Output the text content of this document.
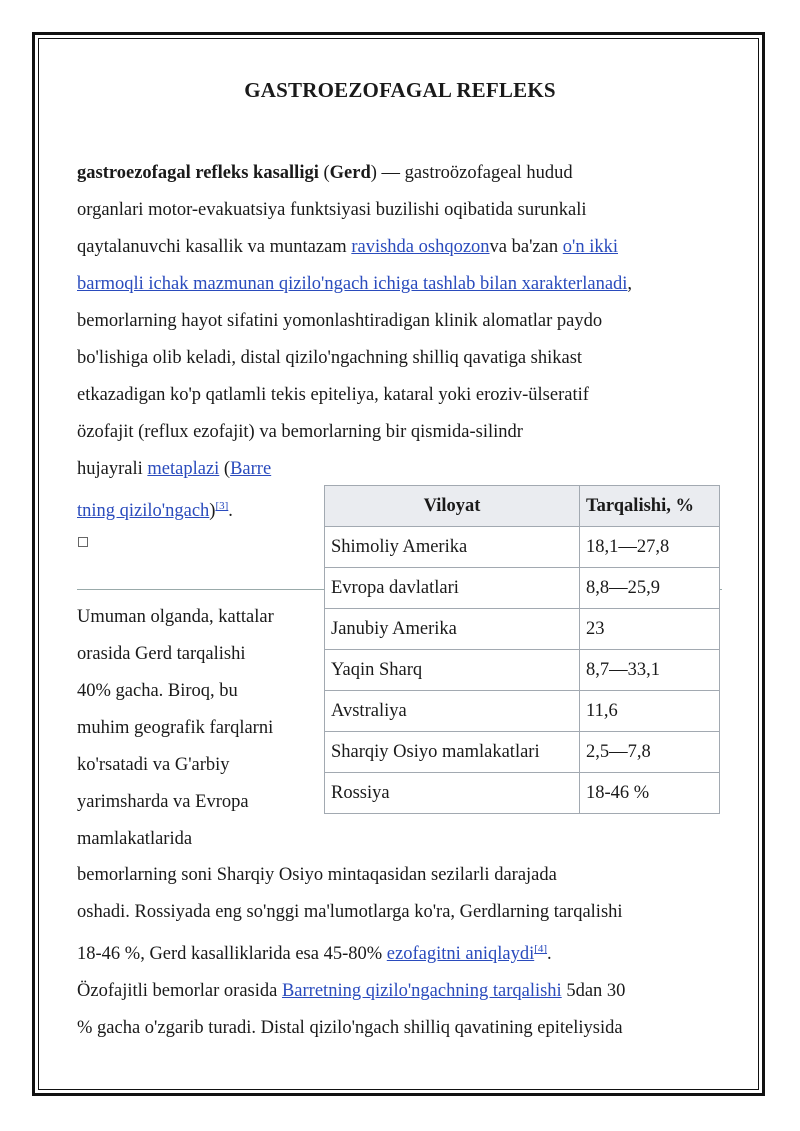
GASTROEZOFAGAL REFLEKS
gastroezofagal refleks kasalligi (Gerd) — gastroözofageal hudud
organlari motor-evakuatsiya funktsiyasi buzilishi oqibatida surunkali
qaytalanuvchi kasallik va muntazam ravishda oshqozonva ba'zan o'n ikki
barmoqli ichak mazmunan qizilo'ngach ichiga tashlab bilan xarakterlanadi,
bemorlarning hayot sifatini yomonlashtiradigan klinik alomatlar paydo
bo'lishiga olib keladi, distal qizilo'ngachning shilliq qavatiga shikast
etkazadigan ko'p qatlamli tekis epiteliya, kataral yoki eroziv-ülseratif
özofajit (reflux ezofajit) va bemorlarning bir qismida-silindr
hujayrali metaplazi (Barre
tning qizilo'ngach)[3].
Umuman olganda, kattalar
orasida Gerd tarqalishi
40% gacha. Biroq, bu
muhim geografik farqlarni
ko'rsatadi va G'arbiy
yarimsharda va Evropa
mamlakatlarida
Viloyat	Tarqalishi, %
Shimoliy Amerika	18,1—27,8
Evropa davlatlari	8,8—25,9
Janubiy Amerika	23
Yaqin Sharq	8,7—33,1
Avstraliya	11,6
Sharqiy Osiyo mamlakatlari	2,5—7,8
Rossiya	18-46 %
bemorlarning soni Sharqiy Osiyo mintaqasidan sezilarli darajada
oshadi. Rossiyada eng so'nggi ma'lumotlarga ko'ra, Gerdlarning tarqalishi
18-46 %, Gerd kasalliklarida esa 45-80% ezofagitni aniqlaydi[4].
Özofajitli bemorlar orasida Barretning qizilo'ngachning tarqalishi 5dan 30
% gacha o'zgarib turadi. Distal qizilo'ngach shilliq qavatining epiteliysida
